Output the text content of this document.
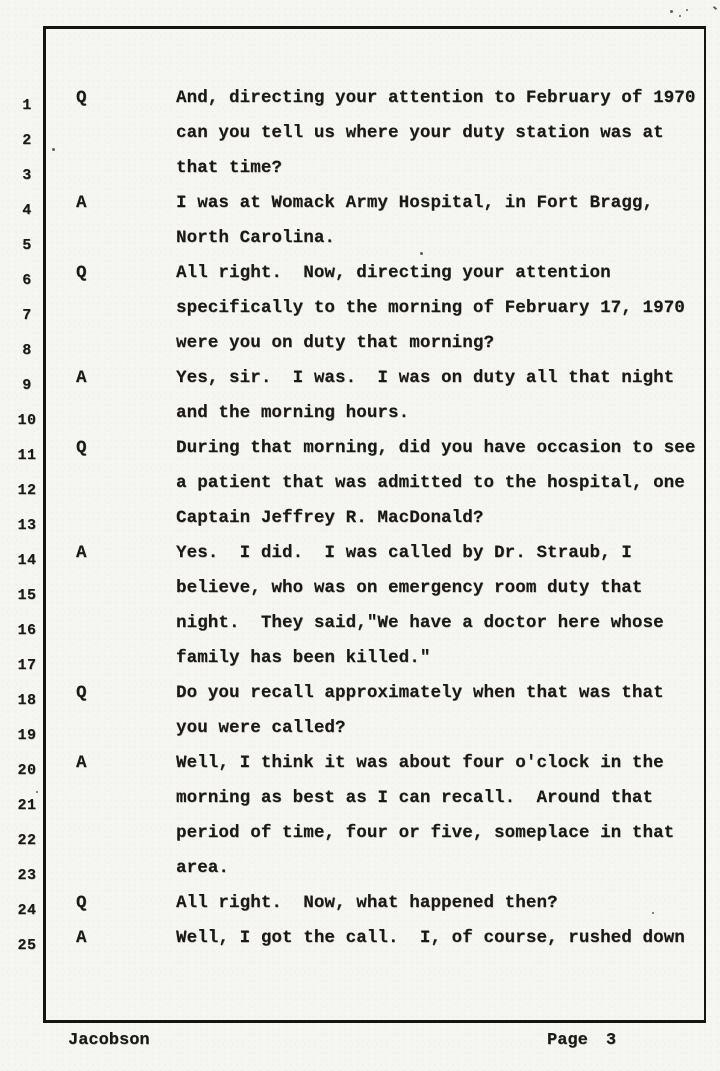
1	Q	And, directing your attention to February of 1970
2	can you tell us where your duty station was at
3	that time?
4	A	I was at Womack Army Hospital, in Fort Bragg,
5	North Carolina.
6	Q	All right.  Now, directing your attention
7	specifically to the morning of February 17, 1970
8	were you on duty that morning?
9	A	Yes, sir.  I was.  I was on duty all that night
10	and the morning hours.
11	Q	During that morning, did you have occasion to see
12	a patient that was admitted to the hospital, one
13	Captain Jeffrey R. MacDonald?
14	A	Yes.  I did.  I was called by Dr. Straub, I
15	believe, who was on emergency room duty that
16	night.  They said,"We have a doctor here whose
17	family has been killed."
18	Q	Do you recall approximately when that was that
19	you were called?
20	A	Well, I think it was about four o'clock in the
21	morning as best as I can recall.  Around that
22	period of time, four or five, someplace in that
23	area.
24	Q	All right.  Now, what happened then?
25	A	Well, I got the call.  I, of course, rushed down
Jacobson	Page 3
